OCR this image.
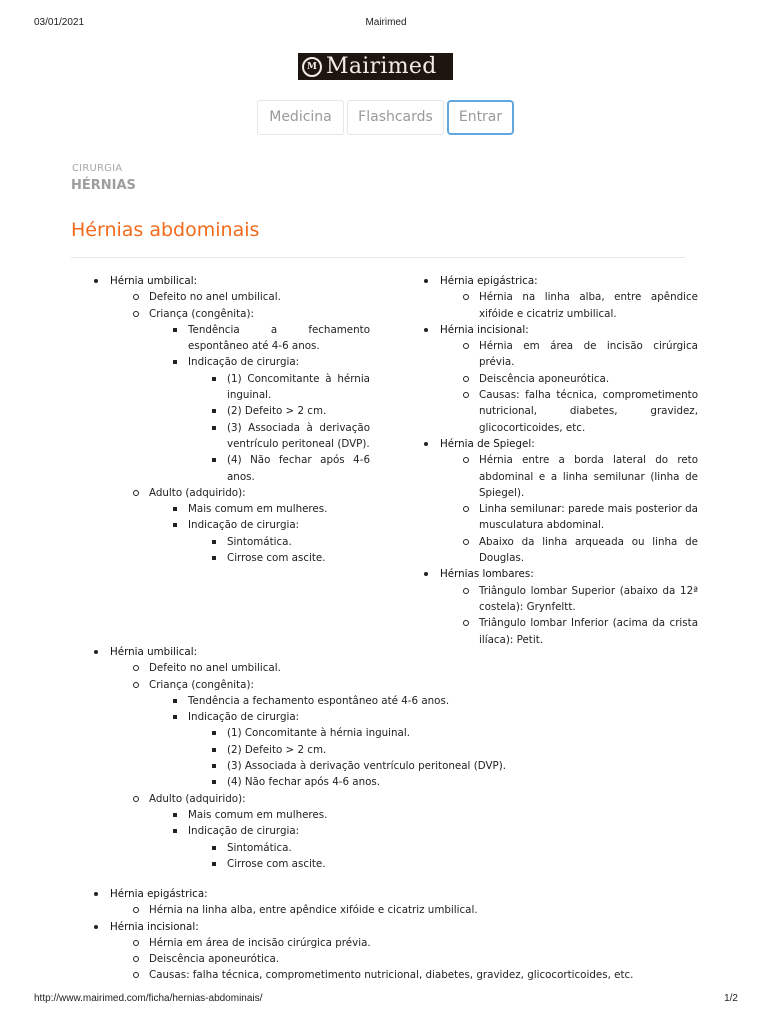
03/01/2021	Mairimed
M Mairimed
Medicina	Flashcards	Entrar
CIRURGIA
HÉRNIAS
Hérnias abdominais
Hérnia umbilical:
Defeito no anel umbilical.
Criança (congênita):
Tendência a fechamento espontâneo até 4-6 anos.
Indicação de cirurgia:
(1) Concomitante à hérnia inguinal.
(2) Defeito > 2 cm.
(3) Associada à derivação ventrículo peritoneal (DVP).
(4) Não fechar após 4-6 anos.
Adulto (adquirido):
Mais comum em mulheres.
Indicação de cirurgia:
Sintomática.
Cirrose com ascite.
Hérnia epigástrica:
Hérnia na linha alba, entre apêndice xifóide e cicatriz umbilical.
Hérnia incisional:
Hérnia em área de incisão cirúrgica prévia.
Deiscência aponeurótica.
Causas: falha técnica, comprometimento nutricional, diabetes, gravidez, glicocorticoides, etc.
Hérnia de Spiegel:
Hérnia entre a borda lateral do reto abdominal e a linha semilunar (linha de Spiegel).
Linha semilunar: parede mais posterior da musculatura abdominal.
Abaixo da linha arqueada ou linha de Douglas.
Hérnias lombares:
Triângulo lombar Superior (abaixo da 12ª costela): Grynfeltt.
Triângulo lombar Inferior (acima da crista ilíaca): Petit.
Hérnia umbilical:
Defeito no anel umbilical.
Criança (congênita):
Tendência a fechamento espontâneo até 4-6 anos.
Indicação de cirurgia:
(1) Concomitante à hérnia inguinal.
(2) Defeito > 2 cm.
(3) Associada à derivação ventrículo peritoneal (DVP).
(4) Não fechar após 4-6 anos.
Adulto (adquirido):
Mais comum em mulheres.
Indicação de cirurgia:
Sintomática.
Cirrose com ascite.
Hérnia epigástrica:
Hérnia na linha alba, entre apêndice xifóide e cicatriz umbilical.
Hérnia incisional:
Hérnia em área de incisão cirúrgica prévia.
Deiscência aponeurótica.
Causas: falha técnica, comprometimento nutricional, diabetes, gravidez, glicocorticoides, etc.
http://www.mairimed.com/ficha/hernias-abdominais/	1/2
